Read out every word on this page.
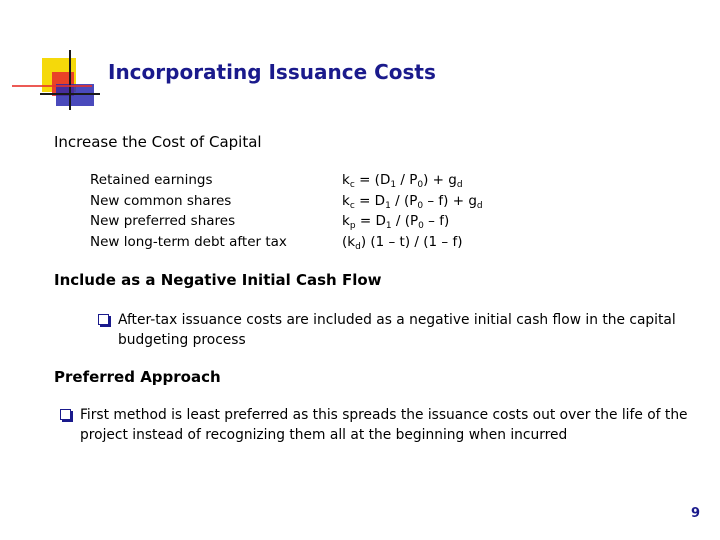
Incorporating Issuance Costs
Increase the Cost of Capital
Retained earnings
New common shares
New preferred shares
New long-term debt after tax
$k_c = (D_1 / P_0) + g_d$
$k_c = D_1 / (P_0 - f) + g_d$
$k_p = D_1 / (P_0 - f)$
$(k_d)$ (1 – t) / (1 – f)
Include as a Negative Initial Cash Flow
After-tax issuance costs are included as a negative initial cash flow in the capital budgeting process
Preferred Approach
First method is least preferred as this spreads the issuance costs out over the life of the project instead of recognizing them all at the beginning when incurred
9
